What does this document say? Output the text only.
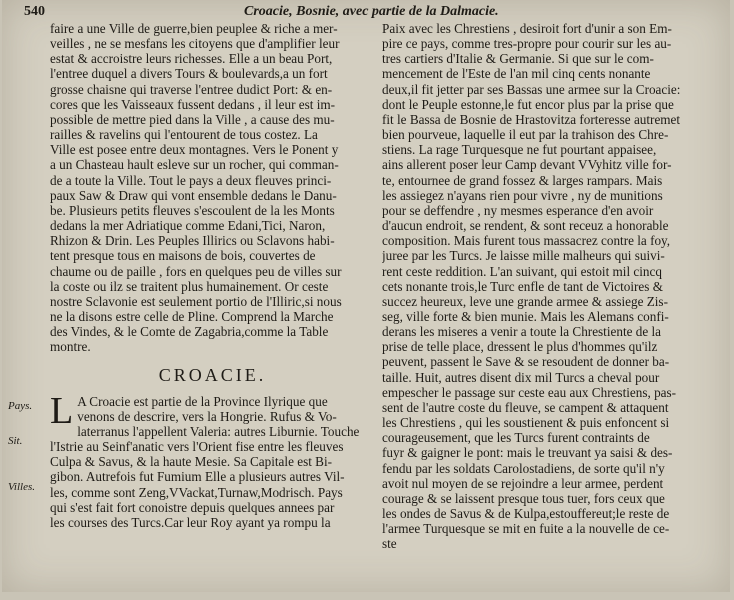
540	Croacie, Bosnie, avec partie de la Dalmacie.
Pays.
Sit.
Villes.

faire a une Ville de guerre,bien peuplee & riche a mer-
veilles , ne se mesfans les citoyens que d'amplifier leur
estat & accroistre leurs richesses. Elle a un beau Port,
l'entree duquel a divers Tours & boulevards,a un fort
grosse chaisne qui traverse l'entree dudict Port: & en-
cores que les Vaisseaux fussent dedans , il leur est im-
possible de mettre pied dans la Ville , a cause des mu-
railles & ravelins qui l'entourent de tous costez. La
Ville est posee entre deux montagnes. Vers le Ponent y
a un Chasteau hault esleve sur un rocher, qui comman-
de a toute la Ville. Tout le pays a deux fleuves princi-
paux Saw & Draw qui vont ensemble dedans le Danu-
be. Plusieurs petits fleuves s'escoulent de la les Monts
dedans la mer Adriatique comme Edani,Tici, Naron,
Rhizon & Drin. Les Peuples Illirics ou Sclavons habi-
tent presque tous en maisons de bois, couvertes de
chaume ou de paille , fors en quelques peu de villes sur
la coste ou ilz se traitent plus humainement. Or ceste
nostre Sclavonie est seulement portio de l'Illiric,si nous
ne la disons estre celle de Pline. Comprend la Marche
des Vindes, & le Comte de Zagabria,comme la Table
montre.

CROACIE.

L A Croacie est partie de la Province Ilyrique que
venons de descrire, vers la Hongrie. Rufus & Vo-
laterranus l'appellent Valeria: autres Liburnie. Touche
l'Istrie au Seinf'anatic vers l'Orient fise entre les fleuves
Culpa & Savus, & la haute Mesie. Sa Capitale est Bi-
gibon. Autrefois fut Fumium Elle a plusieurs autres Vil-
les, comme sont Zeng,VVackat,Turnaw,Modrisch. Pays
qui s'est fait fort conoistre depuis quelques annees par
les courses des Turcs.Car leur Roy ayant ya rompu la

Paix avec les Chrestiens , desiroit fort d'unir a son Em-
pire ce pays, comme tres-propre pour courir sur les au-
tres cartiers d'Italie & Germanie. Si que sur le com-
mencement de l'Este de l'an mil cinq cents nonante
deux,il fit jetter par ses Bassas une armee sur la Croacie:
dont le Peuple estonne,le fut encor plus par la prise que
fit le Bassa de Bosnie de Hrastovitza forteresse autremet
bien pourveue, laquelle il eut par la trahison des Chre-
stiens. La rage Turquesque ne fut pourtant appaisee,
ains allerent poser leur Camp devant VVyhitz ville for-
te, entournee de grand fossez & larges rampars. Mais
les assiegez n'ayans rien pour vivre , ny de munitions
pour se deffendre , ny mesmes esperance d'en avoir
d'aucun endroit, se rendent, & sont receuz a honorable
composition. Mais furent tous massacrez contre la foy,
juree par les Turcs. Je laisse mille malheurs qui suivi-
rent ceste reddition. L'an suivant, qui estoit mil cincq
cets nonante trois,le Turc enfle de tant de Victoires &
succez heureux, leve une grande armee & assiege Zis-
seg, ville forte & bien munie. Mais les Alemans confi-
derans les miseres a venir a toute la Chrestiente de la
prise de telle place, dressent le plus d'hommes qu'ilz
peuvent, passent le Save & se resoudent de donner ba-
taille. Huit, autres disent dix mil Turcs a cheval pour
empescher le passage sur ceste eau aux Chrestiens, pas-
sent de l'autre coste du fleuve, se campent & attaquent
les Chrestiens , qui les soustienent & puis enfoncent si
courageusement, que les Turcs furent contraints de
fuyr & gaigner le pont: mais le treuvant ya saisi & des-
fendu par les soldats Carolostadiens, de sorte qu'il n'y
avoit nul moyen de se rejoindre a leur armee, perdent
courage & se laissent presque tous tuer, fors ceux que
les ondes de Savus & de Kulpa,estouffereut;le reste de
l'armee Turquesque se mit en fuite a la nouvelle de ce-
ste
